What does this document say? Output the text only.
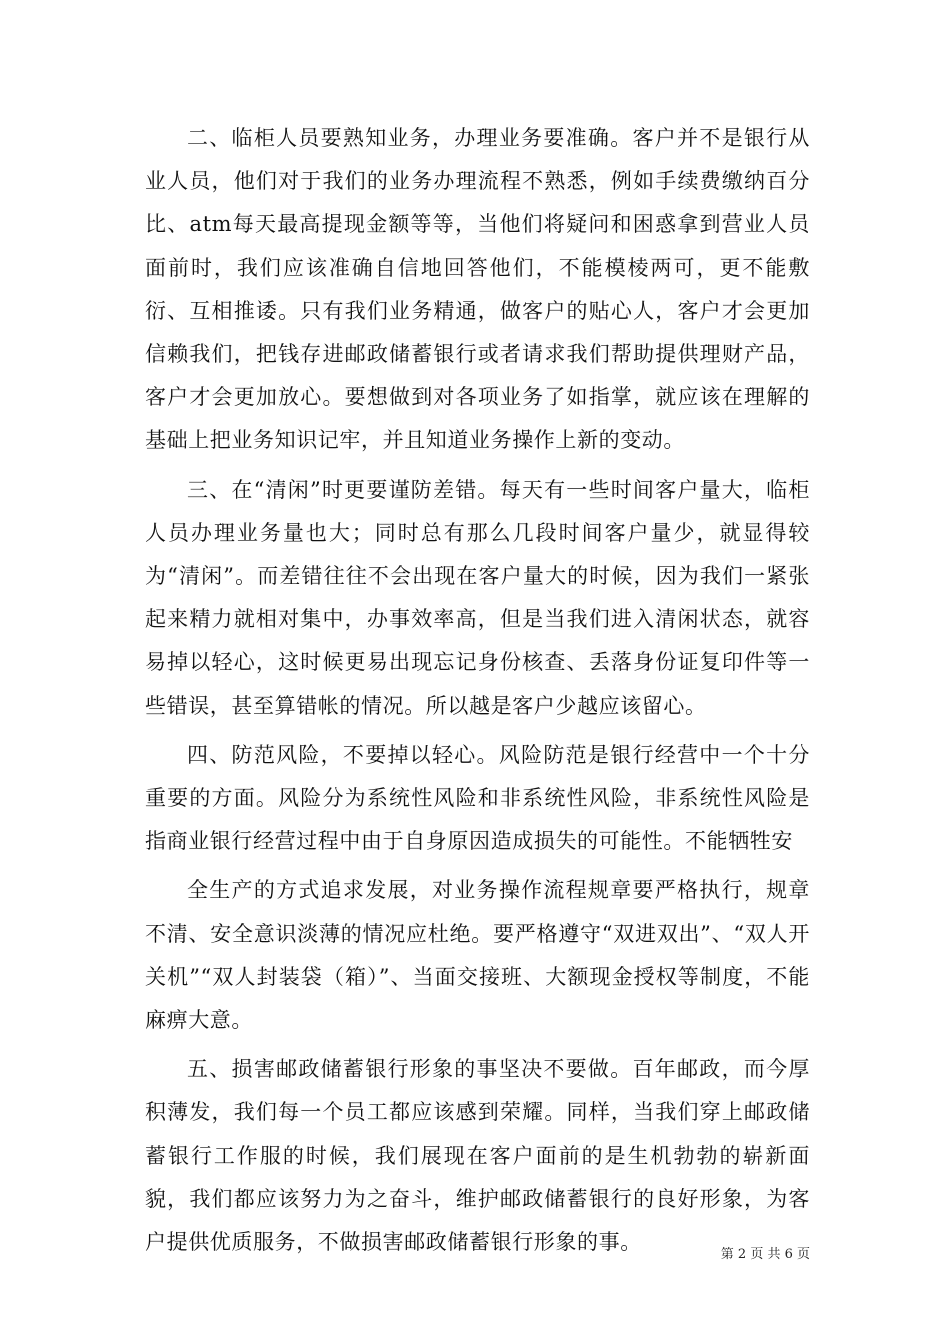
二、临柜人员要熟知业务，办理业务要准确。客户并不是银行从业人员，他们对于我们的业务办理流程不熟悉，例如手续费缴纳百分比、atm每天最高提现金额等等，当他们将疑问和困惑拿到营业人员面前时，我们应该准确自信地回答他们，不能模棱两可，更不能敷衍、互相推诿。只有我们业务精通，做客户的贴心人，客户才会更加信赖我们，把钱存进邮政储蓄银行或者请求我们帮助提供理财产品，客户才会更加放心。要想做到对各项业务了如指掌，就应该在理解的基础上把业务知识记牢，并且知道业务操作上新的变动。

三、在“清闲”时更要谨防差错。每天有一些时间客户量大，临柜人员办理业务量也大；同时总有那么几段时间客户量少，就显得较为“清闲”。而差错往往不会出现在客户量大的时候，因为我们一紧张起来精力就相对集中，办事效率高，但是当我们进入清闲状态，就容易掉以轻心，这时候更易出现忘记身份核查、丢落身份证复印件等一些错误，甚至算错帐的情况。所以越是客户少越应该留心。

四、防范风险，不要掉以轻心。风险防范是银行经营中一个十分重要的方面。风险分为系统性风险和非系统性风险，非系统性风险是指商业银行经营过程中由于自身原因造成损失的可能性。不能牺牲安

全生产的方式追求发展，对业务操作流程规章要严格执行，规章不清、安全意识淡薄的情况应杜绝。要严格遵守“双进双出”、“双人开关机”“双人封装袋（箱）”、当面交接班、大额现金授权等制度，不能麻痹大意。

五、损害邮政储蓄银行形象的事坚决不要做。百年邮政，而今厚积薄发，我们每一个员工都应该感到荣耀。同样，当我们穿上邮政储蓄银行工作服的时候，我们展现在客户面前的是生机勃勃的崭新面貌，我们都应该努力为之奋斗，维护邮政储蓄银行的良好形象，为客户提供优质服务，不做损害邮政储蓄银行形象的事。

第 2 页 共 6 页
